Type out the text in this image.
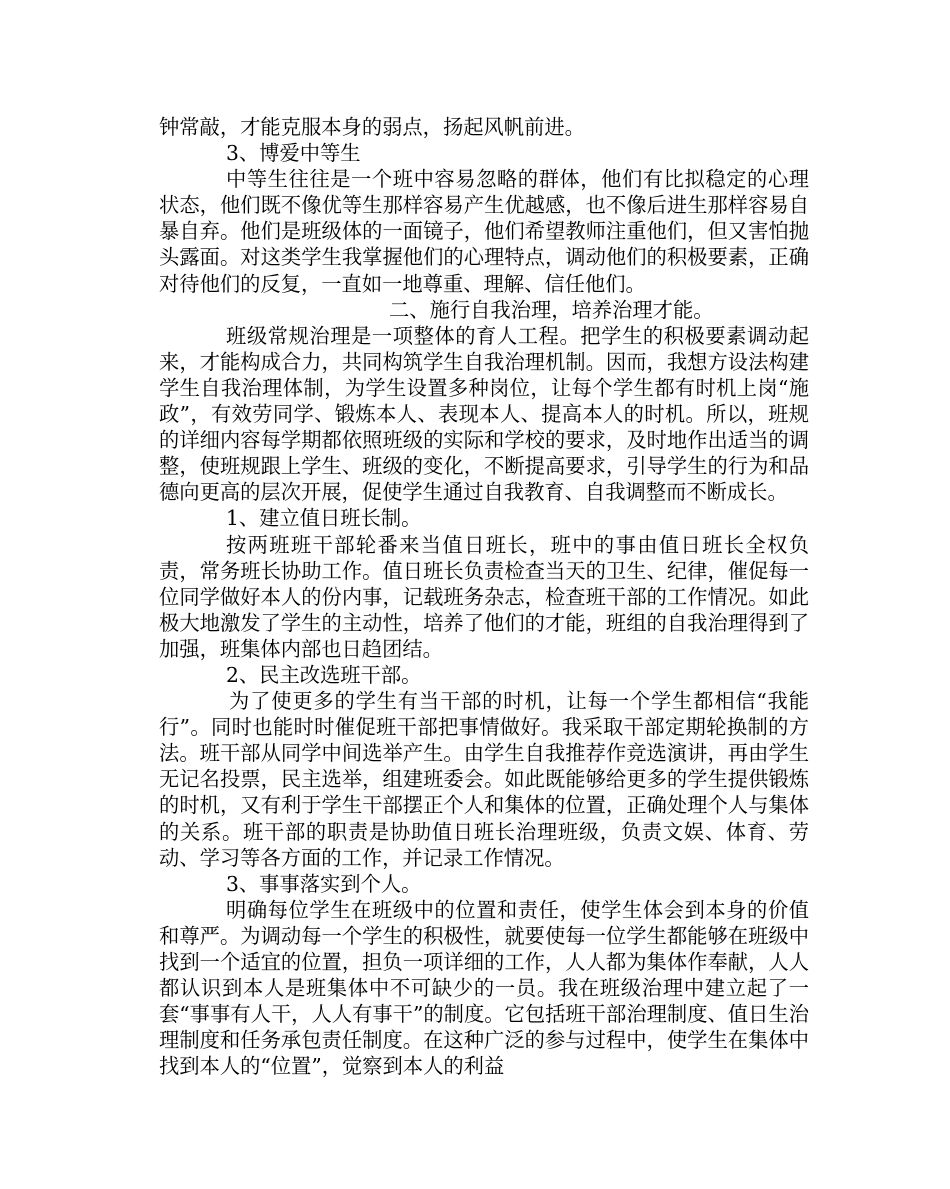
钟常敲，才能克服本身的弱点，扬起风帆前进。

3、博爱中等生

中等生往往是一个班中容易忽略的群体，他们有比拟稳定的心理状态，他们既不像优等生那样容易产生优越感，也不像后进生那样容易自暴自弃。他们是班级体的一面镜子，他们希望教师注重他们，但又害怕抛头露面。对这类学生我掌握他们的心理特点，调动他们的积极要素，正确对待他们的反复，一直如一地尊重、理解、信任他们。

二、施行自我治理，培养治理才能。

班级常规治理是一项整体的育人工程。把学生的积极要素调动起来，才能构成合力，共同构筑学生自我治理机制。因而，我想方设法构建学生自我治理体制，为学生设置多种岗位，让每个学生都有时机上岗“施政”，有效劳同学、锻炼本人、表现本人、提高本人的时机。所以，班规的详细内容每学期都依照班级的实际和学校的要求，及时地作出适当的调整，使班规跟上学生、班级的变化，不断提高要求，引导学生的行为和品德向更高的层次开展，促使学生通过自我教育、自我调整而不断成长。

1、建立值日班长制。

按两班班干部轮番来当值日班长，班中的事由值日班长全权负责，常务班长协助工作。值日班长负责检查当天的卫生、纪律，催促每一位同学做好本人的份内事，记载班务杂志，检查班干部的工作情况。如此极大地激发了学生的主动性，培养了他们的才能，班组的自我治理得到了加强，班集体内部也日趋团结。

2、民主改选班干部。

为了使更多的学生有当干部的时机，让每一个学生都相信“我能行”。同时也能时时催促班干部把事情做好。我采取干部定期轮换制的方法。班干部从同学中间选举产生。由学生自我推荐作竞选演讲，再由学生无记名投票，民主选举，组建班委会。如此既能够给更多的学生提供锻炼的时机，又有利于学生干部摆正个人和集体的位置，正确处理个人与集体的关系。班干部的职责是协助值日班长治理班级，负责文娱、体育、劳动、学习等各方面的工作，并记录工作情况。

3、事事落实到个人。

明确每位学生在班级中的位置和责任，使学生体会到本身的价值和尊严。为调动每一个学生的积极性，就要使每一位学生都能够在班级中找到一个适宜的位置，担负一项详细的工作，人人都为集体作奉献，人人都认识到本人是班集体中不可缺少的一员。我在班级治理中建立起了一套“事事有人干，人人有事干”的制度。它包括班干部治理制度、值日生治理制度和任务承包责任制度。在这种广泛的参与过程中，使学生在集体中找到本人的“位置”，觉察到本人的利益
